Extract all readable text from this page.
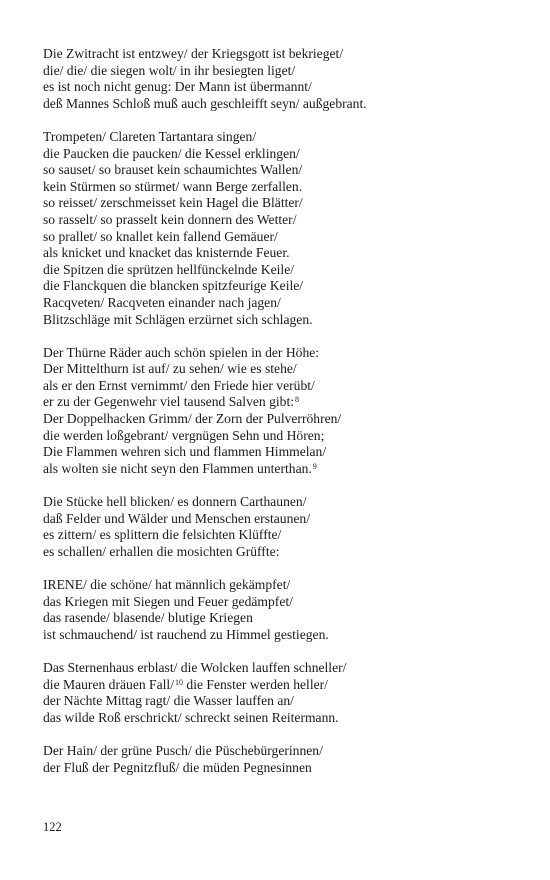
Die Zwitracht ist entzwey/ der Kriegsgott ist bekrieget/
die/ die/ die siegen wolt/ in ihr besiegten liget/
es ist noch nicht genug: Der Mann ist übermannt/
deß Mannes Schloß muß auch geschleifft seyn/ außgebrant.
Trompeten/ Clareten Tartantara singen/
die Paucken die paucken/ die Kessel erklingen/
so sauset/ so brauset kein schaumichtes Wallen/
kein Stürmen so stürmet/ wann Berge zerfallen.
so reisset/ zerschmeisset kein Hagel die Blätter/
so rasselt/ so prasselt kein donnern des Wetter/
so prallet/ so knallet kein fallend Gemäuer/
als knicket und knacket das knisternde Feuer.
die Spitzen die sprützen hellfünckelnde Keile/
die Flanckquen die blancken spitzfeurige Keile/
Racqveten/ Racqveten einander nach jagen/
Blitzschläge mit Schlägen erzürnet sich schlagen.
Der Thürne Räder auch schön spielen in der Höhe:
Der Mittelthurn ist auf/ zu sehen/ wie es stehe/
als er den Ernst vernimmt/ den Friede hier verübt/
er zu der Gegenwehr viel tausend Salven gibt:$^8$
Der Doppelhacken Grimm/ der Zorn der Pulverröhren/
die werden loßgebrant/ vergnügen Sehn und Hören;
Die Flammen wehren sich und flammen Himmelan/
als wolten sie nicht seyn den Flammen unterthan.$^9$
Die Stücke hell blicken/ es donnern Carthaunen/
daß Felder und Wälder und Menschen erstaunen/
es zittern/ es splittern die felsichten Klüffte/
es schallen/ erhallen die mosichten Grüffte:
IRENE/ die schöne/ hat männlich gekämpfet/
das Kriegen mit Siegen und Feuer gedämpfet/
das rasende/ blasende/ blutige Kriegen
ist schmauchend/ ist rauchend zu Himmel gestiegen.
Das Sternenhaus erblast/ die Wolcken lauffen schneller/
die Mauren dräuen Fall/$^{10}$ die Fenster werden heller/
der Nächte Mittag ragt/ die Wasser lauffen an/
das wilde Roß erschrickt/ schreckt seinen Reitermann.
Der Hain/ der grüne Pusch/ die Püschebürgerinnen/
der Fluß der Pegnitzfluß/ die müden Pegnesinnen
122
